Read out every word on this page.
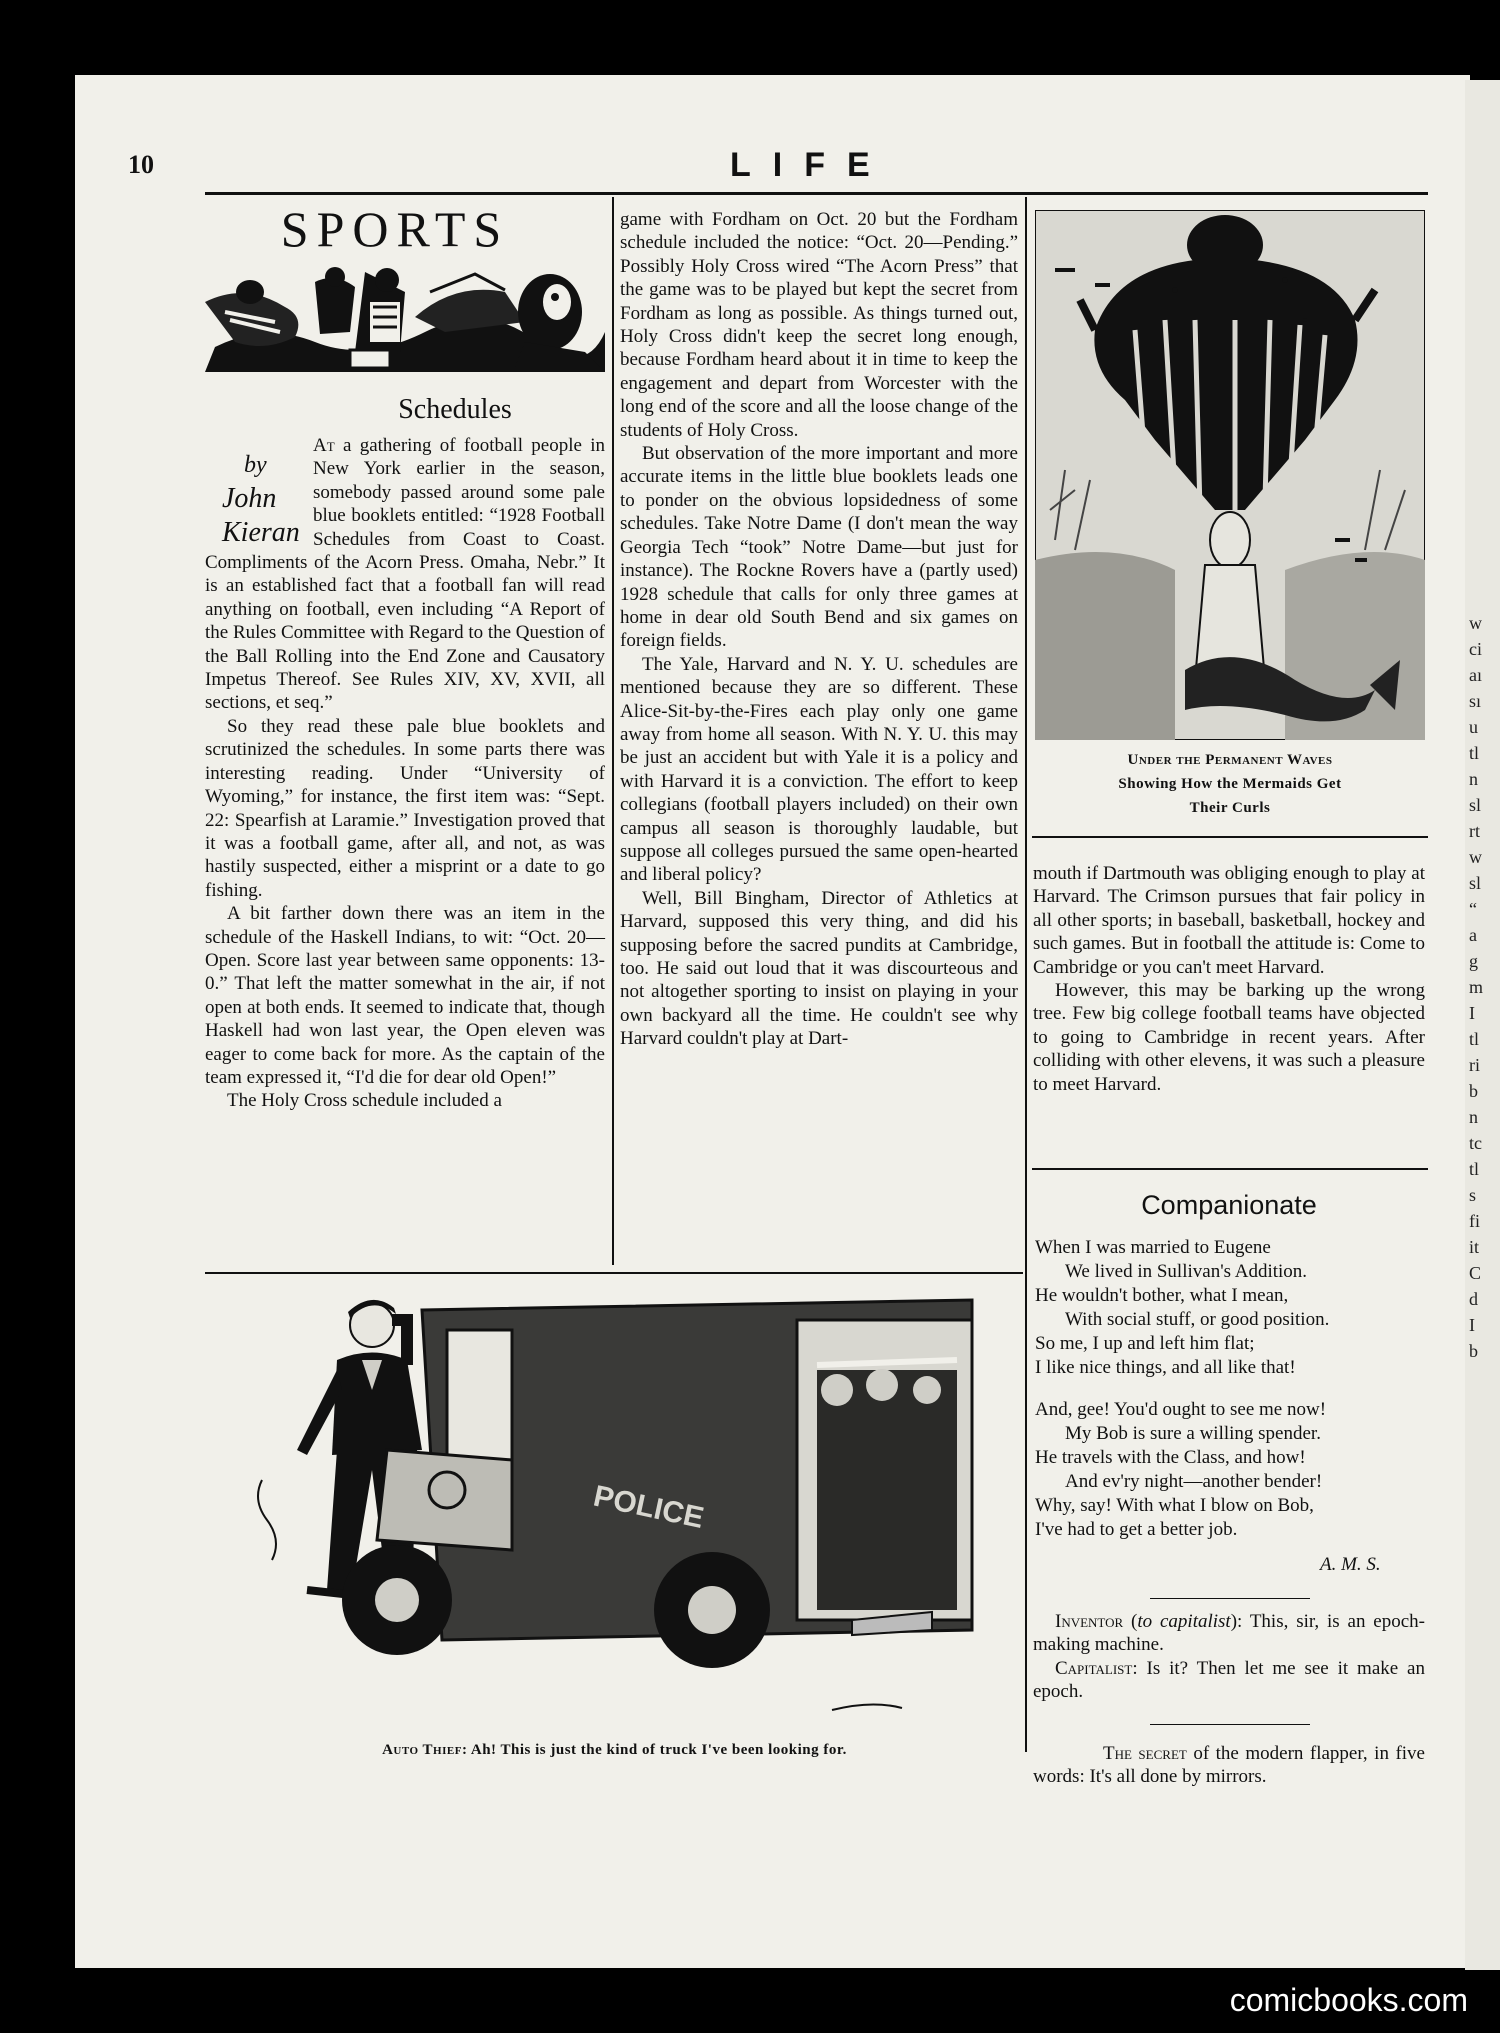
w
ci
aı
sı
u
tl
n
sl
rt
w
sl
“
a
g
m
I
tl
ri
b
n
tc
tl
s
fi
it
C
d
I
b
10	LIFE
SPORTS
Schedules
by
John
Kieran

At a gathering of football people in New York earlier in the season, somebody passed around some pale blue booklets entitled: “1928 Football Schedules from Coast to Coast. Compliments of the Acorn Press. Omaha, Nebr.” It is an established fact that a football fan will read anything on football, even including “A Report of the Rules Committee with Regard to the Question of the Ball Rolling into the End Zone and Causatory Impetus Thereof. See Rules XIV, XV, XVII, all sections, et seq.”

So they read these pale blue booklets and scrutinized the schedules. In some parts there was interesting reading. Under “University of Wyoming,” for instance, the first item was: “Sept. 22: Spearfish at Laramie.” Investigation proved that it was a football game, after all, and not, as was hastily suspected, either a misprint or a date to go fishing.

A bit farther down there was an item in the schedule of the Haskell Indians, to wit: “Oct. 20—Open. Score last year between same opponents: 13-0.” That left the matter somewhat in the air, if not open at both ends. It seemed to indicate that, though Haskell had won last year, the Open eleven was eager to come back for more. As the captain of the team expressed it, “I'd die for dear old Open!”

The Holy Cross schedule included a

game with Fordham on Oct. 20 but the Fordham schedule included the notice: “Oct. 20—Pending.” Possibly Holy Cross wired “The Acorn Press” that the game was to be played but kept the secret from Fordham as long as possible. As things turned out, Holy Cross didn't keep the secret long enough, because Fordham heard about it in time to keep the engagement and depart from Worcester with the long end of the score and all the loose change of the students of Holy Cross.

But observation of the more important and more accurate items in the little blue booklets leads one to ponder on the obvious lopsidedness of some schedules. Take Notre Dame (I don't mean the way Georgia Tech “took” Notre Dame—but just for instance). The Rockne Rovers have a (partly used) 1928 schedule that calls for only three games at home in dear old South Bend and six games on foreign fields.

The Yale, Harvard and N. Y. U. schedules are mentioned because they are so different. These Alice-Sit-by-the-Fires each play only one game away from home all season. With N. Y. U. this may be just an accident but with Yale it is a policy and with Harvard it is a conviction. The effort to keep collegians (football players included) on their own campus all season is thoroughly laudable, but suppose all colleges pursued the same open-hearted and liberal policy?

Well, Bill Bingham, Director of Athletics at Harvard, supposed this very thing, and did his supposing before the sacred pundits at Cambridge, too. He said out loud that it was discourteous and not altogether sporting to insist on playing in your own backyard all the time. He couldn't see why Harvard couldn't play at Dart-

Under the Permanent Waves
Showing How the Mermaids Get
Their Curls

mouth if Dartmouth was obliging enough to play at Harvard. The Crimson pursues that fair policy in all other sports; in baseball, basketball, hockey and such games. But in football the attitude is: Come to Cambridge or you can't meet Harvard.

However, this may be barking up the wrong tree. Few big college football teams have objected to going to Cambridge in recent years. After colliding with other elevens, it was such a pleasure to meet Harvard.

Companionate
When I was married to Eugene
We lived in Sullivan's Addition.
He wouldn't bother, what I mean,
With social stuff, or good position.
So me, I up and left him flat;
I like nice things, and all like that!
And, gee! You'd ought to see me now!
My Bob is sure a willing spender.
He travels with the Class, and how!
And ev'ry night—another bender!
Why, say! With what I blow on Bob,
I've had to get a better job.
A. M. S.

Inventor (to capitalist): This, sir, is an epoch-making machine.

Capitalist: Is it? Then let me see it make an epoch.

The secret of the modern flapper, in five words: It's all done by mirrors.

POLICE
Auto Thief: Ah! This is just the kind of truck I've been looking for.
comicbooks.com
